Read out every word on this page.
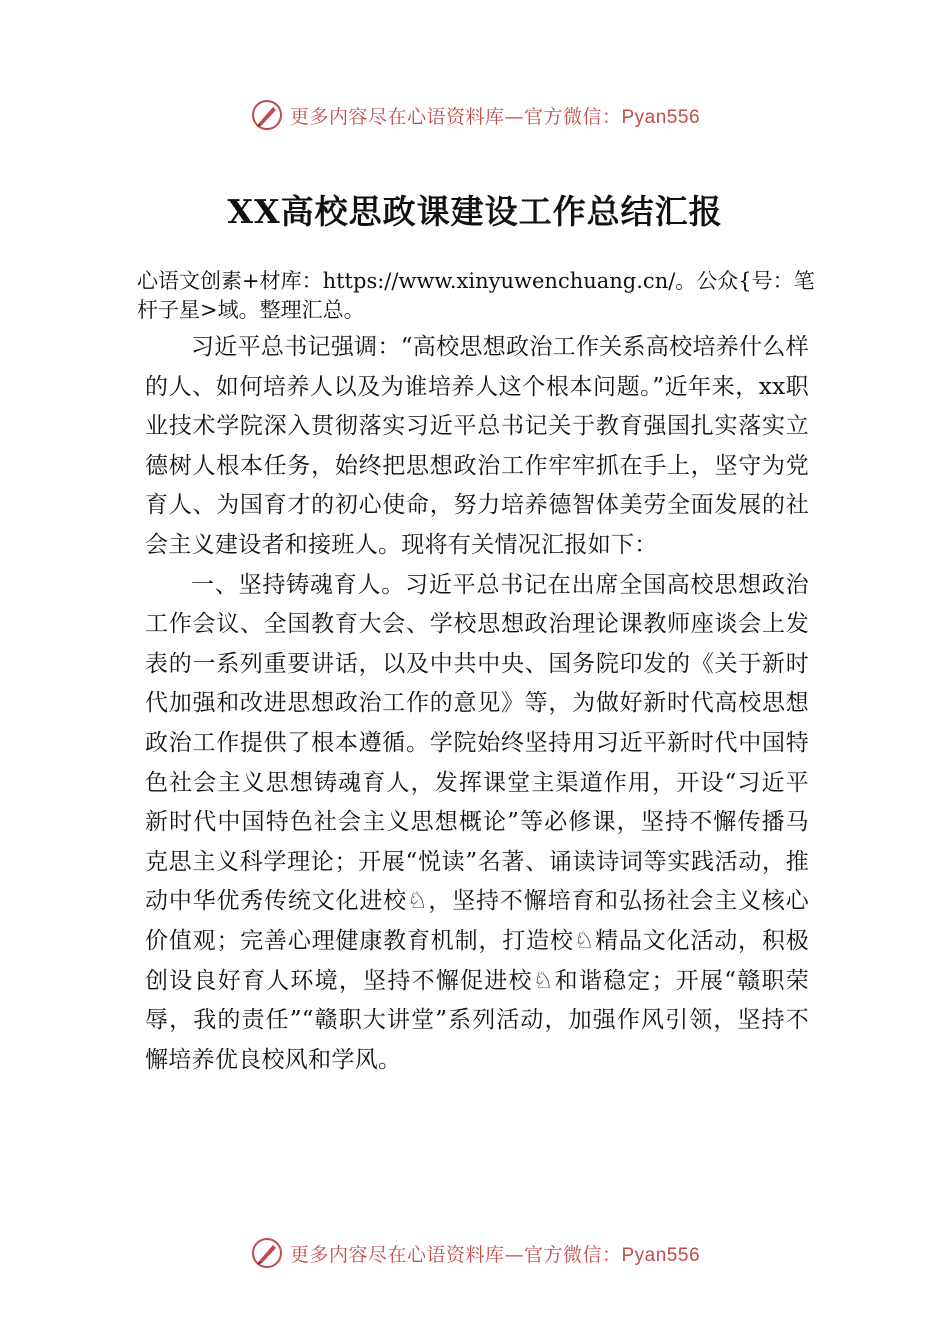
更多内容尽在心语资料库—官方微信：Pyan556
XX高校思政课建设工作总结汇报

心语文创素+材库：https://www.xinyuwenchuang.cn/。公众{号：笔杆子星>域。整理汇总。

习近平总书记强调：“高校思想政治工作关系高校培养什么样的人、如何培养人以及为谁培养人这个根本问题。”近年来，xx职业技术学院深入贯彻落实习近平总书记关于教育强国扎实落实立德树人根本任务，始终把思想政治工作牢牢抓在手上，坚守为党育人、为国育才的初心使命，努力培养德智体美劳全面发展的社会主义建设者和接班人。现将有关情况汇报如下：

一、坚持铸魂育人。习近平总书记在出席全国高校思想政治工作会议、全国教育大会、学校思想政治理论课教师座谈会上发表的一系列重要讲话，以及中共中央、国务院印发的《关于新时代加强和改进思想政治工作的意见》等，为做好新时代高校思想政治工作提供了根本遵循。学院始终坚持用习近平新时代中国特色社会主义思想铸魂育人，发挥课堂主渠道作用，开设“习近平新时代中国特色社会主义思想概论”等必修课，坚持不懈传播马克思主义科学理论；开展“悦读”名著、诵读诗词等实践活动，推动中华优秀传统文化进校♘，坚持不懈培育和弘扬社会主义核心价值观；完善心理健康教育机制，打造校♘精品文化活动，积极创设良好育人环境，坚持不懈促进校♘和谐稳定；开展“赣职荣辱，我的责任”“赣职大讲堂”系列活动，加强作风引领，坚持不懈培养优良校风和学风。

更多内容尽在心语资料库—官方微信：Pyan556
